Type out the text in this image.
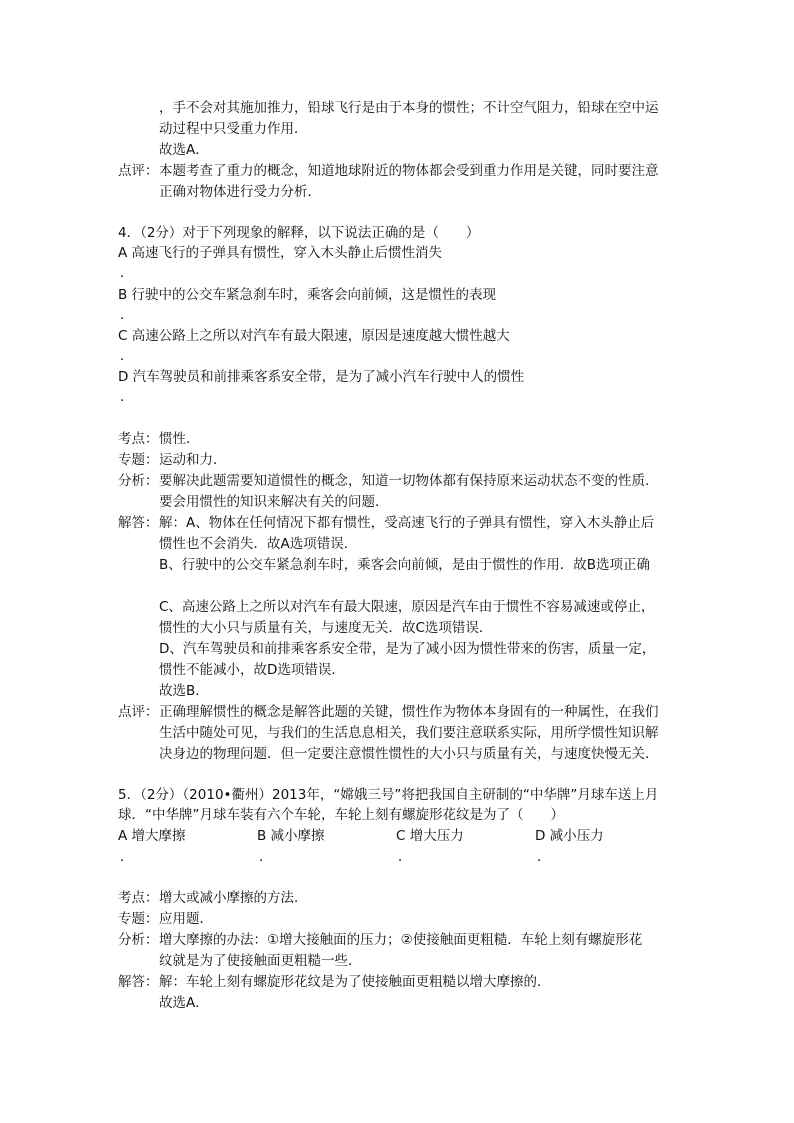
，手不会对其施加推力，铅球飞行是由于本身的惯性；不计空气阻力，铅球在空中运
动过程中只受重力作用．
故选A．
点评： 本题考查了重力的概念，知道地球附近的物体都会受到重力作用是关键，同时要注意
正确对物体进行受力分析．
4．（2分）对于下列现象的解释，以下说法正确的是（　　）
A 高速飞行的子弹具有惯性，穿入木头静止后惯性消失
．
B 行驶中的公交车紧急刹车时，乘客会向前倾，这是惯性的表现
．
C 高速公路上之所以对汽车有最大限速，原因是速度越大惯性越大
．
D 汽车驾驶员和前排乘客系安全带，是为了减小汽车行驶中人的惯性
．
考点： 惯性．
专题： 运动和力．
分析： 要解决此题需要知道惯性的概念，知道一切物体都有保持原来运动状态不变的性质．
要会用惯性的知识来解决有关的问题．
解答： 解：A、物体在任何情况下都有惯性，受高速飞行的子弹具有惯性，穿入木头静止后
惯性也不会消失．故A选项错误．
B、行驶中的公交车紧急刹车时，乘客会向前倾，是由于惯性的作用．故B选项正确
C、高速公路上之所以对汽车有最大限速，原因是汽车由于惯性不容易减速或停止，
惯性的大小只与质量有关，与速度无关．故C选项错误．
D、汽车驾驶员和前排乘客系安全带，是为了减小因为惯性带来的伤害，质量一定，
惯性不能减小，故D选项错误．
故选B．
点评： 正确理解惯性的概念是解答此题的关键，惯性作为物体本身固有的一种属性，在我们
生活中随处可见，与我们的生活息息相关，我们要注意联系实际，用所学惯性知识解
决身边的物理问题．但一定要注意惯性惯性的大小只与质量有关，与速度快慢无关．
5．（2分）（2010•衢州）2013年，“嫦娥三号”将把我国自主研制的“中华牌”月球车送上月
球．“中华牌”月球车装有六个车轮，车轮上刻有螺旋形花纹是为了（　　）
A 增大摩擦	B 减小摩擦	C 增大压力	D 减小压力
．	．	．	．
考点： 增大或减小摩擦的方法．
专题： 应用题．
分析： 增大摩擦的办法：①增大接触面的压力；②使接触面更粗糙．车轮上刻有螺旋形花
纹就是为了使接触面更粗糙一些．
解答： 解：车轮上刻有螺旋形花纹是为了使接触面更粗糙以增大摩擦的．
故选A．
